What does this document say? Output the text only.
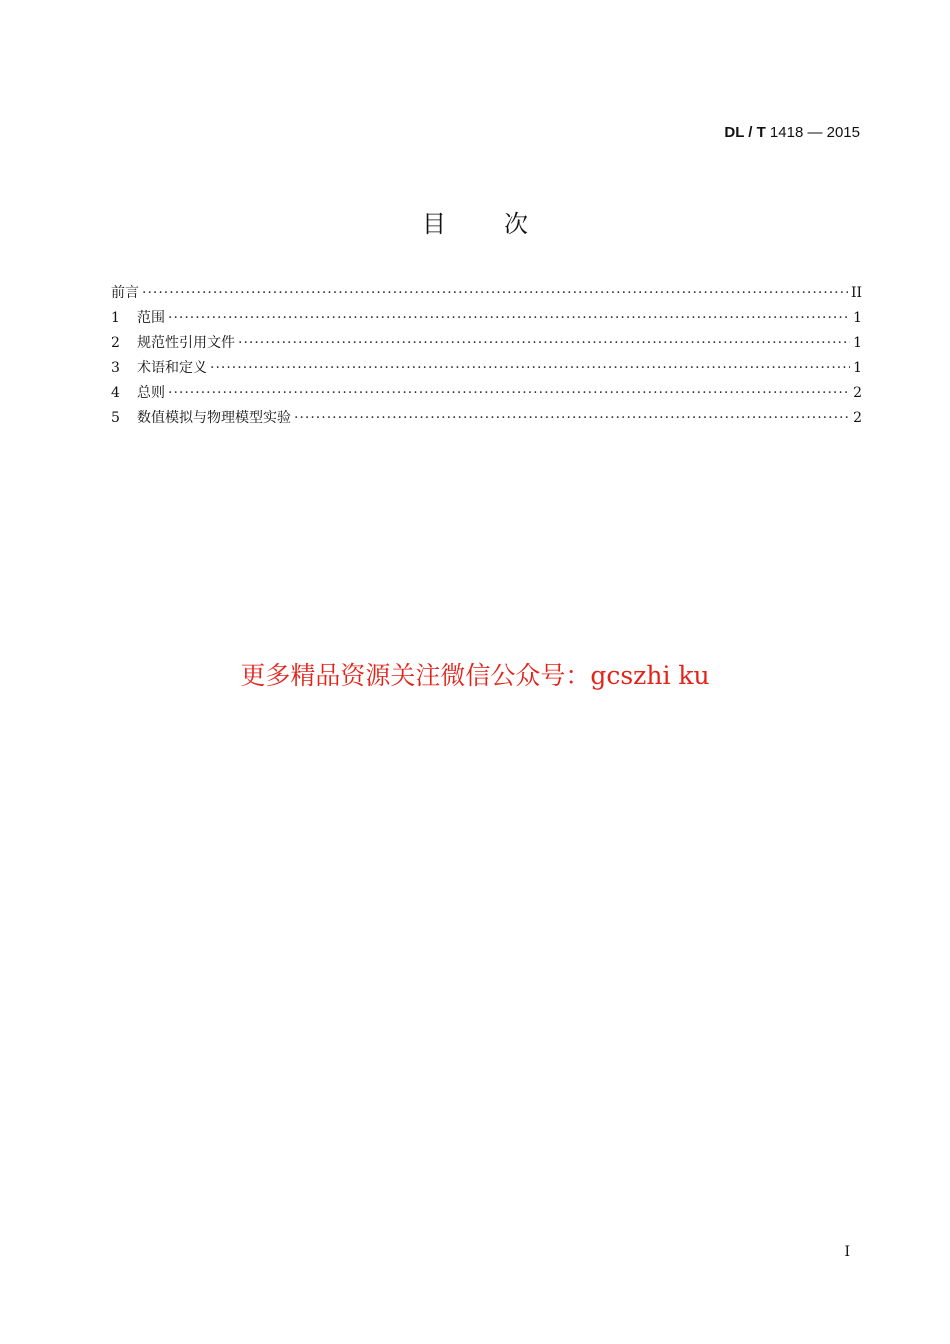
DL / T 1418 — 2015
目 次
前言 ·····	II
1	范围 ·····	1
2	规范性引用文件 ·····	1
3	术语和定义 ·····	1
4	总则 ·····	2
5	数值模拟与物理模型实验 ·····	2
更多精品资源关注微信公众号：gcszhi ku
I
